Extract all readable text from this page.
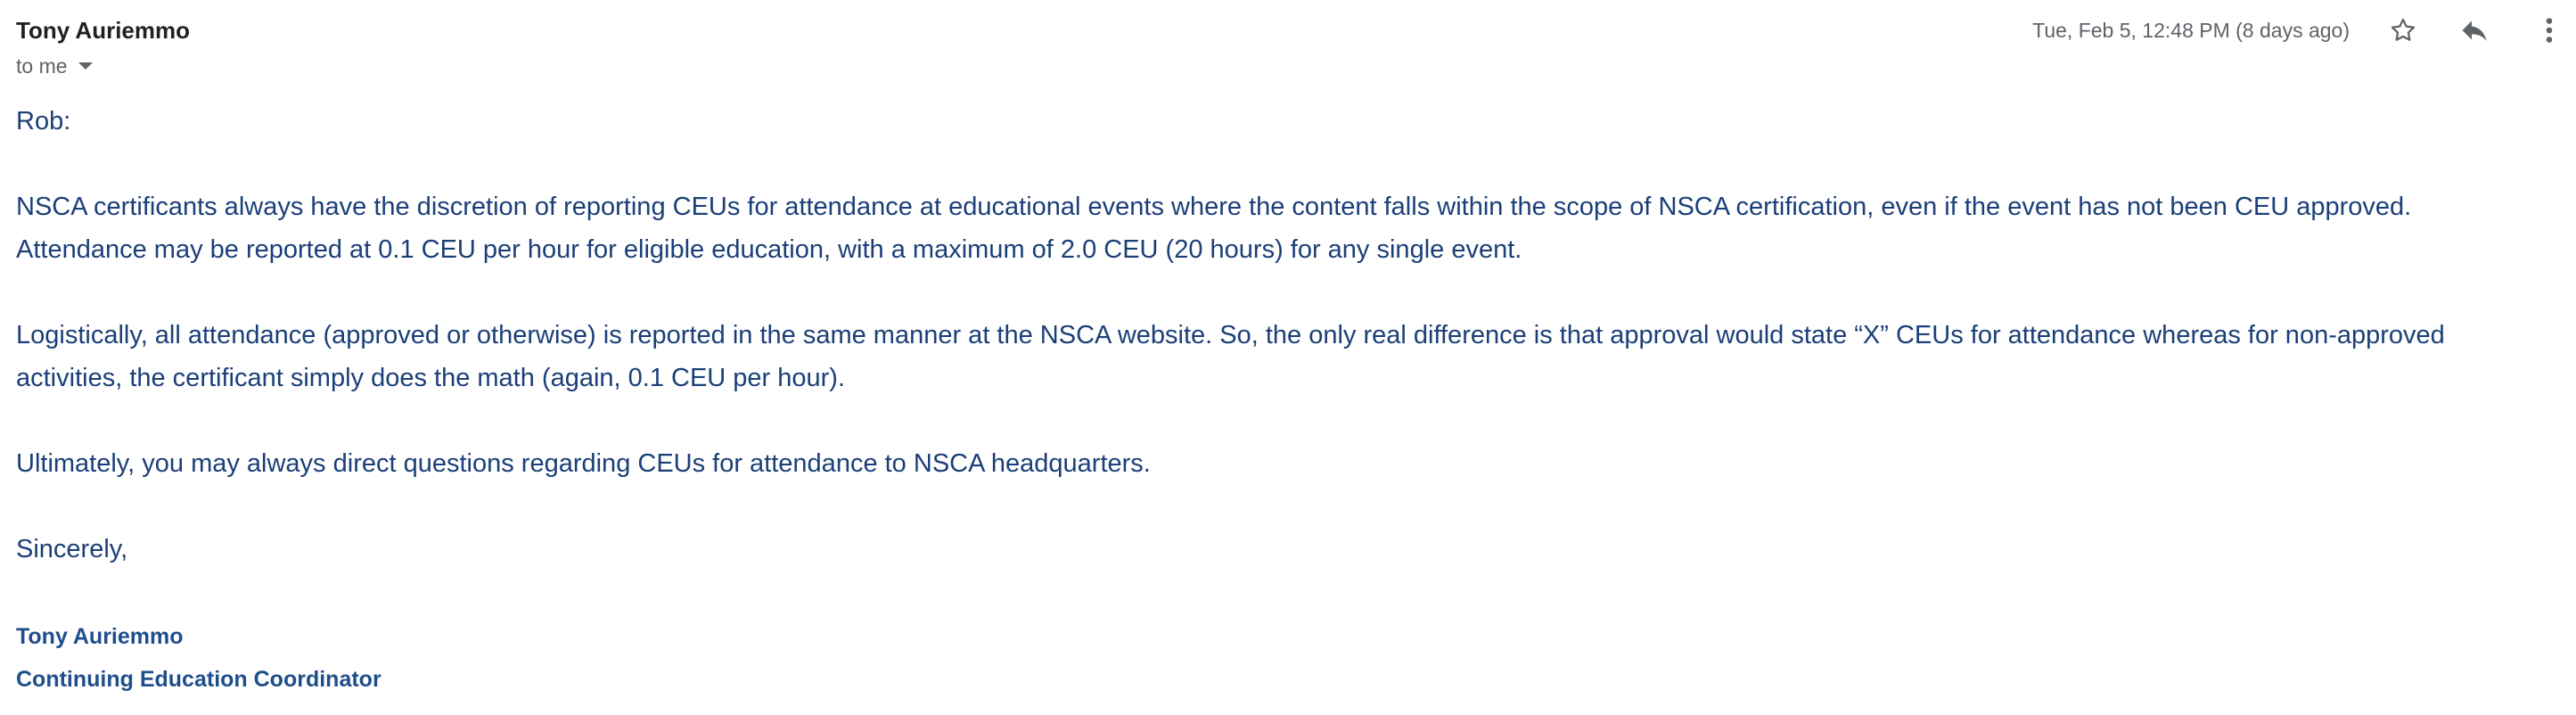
Tony Auriemmo
to me
Tue, Feb 5, 12:48 PM (8 days ago)

Rob:

NSCA certificants always have the discretion of reporting CEUs for attendance at educational events where the content falls within the scope of NSCA certification, even if the event has not been CEU approved.

Attendance may be reported at 0.1 CEU per hour for eligible education, with a maximum of 2.0 CEU (20 hours) for any single event.

Logistically, all attendance (approved or otherwise) is reported in the same manner at the NSCA website. So, the only real difference is that approval would state “X” CEUs for attendance whereas for non-approved

activities, the certificant simply does the math (again, 0.1 CEU per hour).

Ultimately, you may always direct questions regarding CEUs for attendance to NSCA headquarters.

Sincerely,

Tony Auriemmo
Continuing Education Coordinator
